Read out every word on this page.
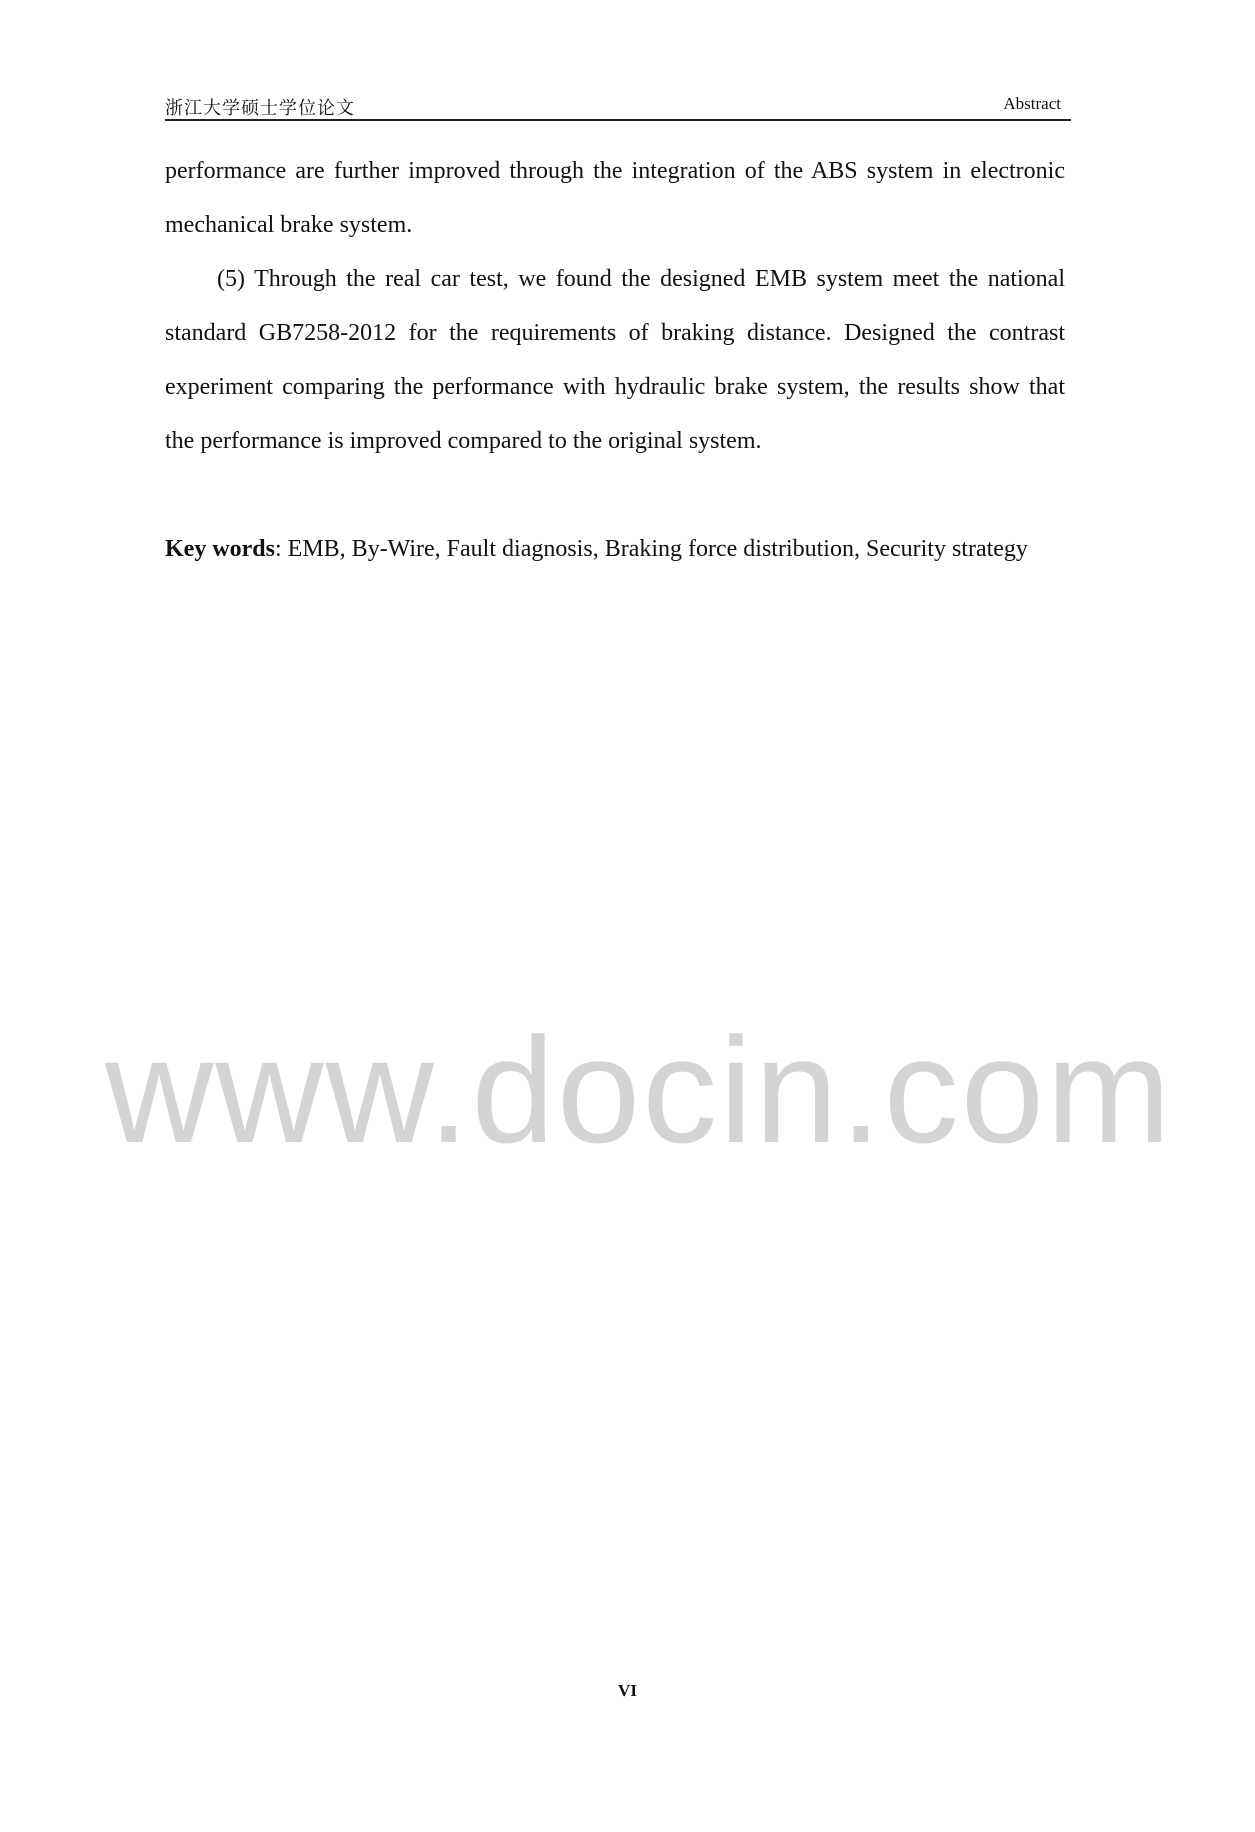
浙江大学硕士学位论文	Abstract

performance are further improved through the integration of the ABS system in electronic mechanical brake system.

(5) Through the real car test, we found the designed EMB system meet the national standard GB7258-2012 for the requirements of braking distance. Designed the contrast experiment comparing the performance with hydraulic brake system, the results show that the performance is improved compared to the original system.

Key words: EMB, By-Wire, Fault diagnosis, Braking force distribution, Security strategy

www.docin.com
VI
